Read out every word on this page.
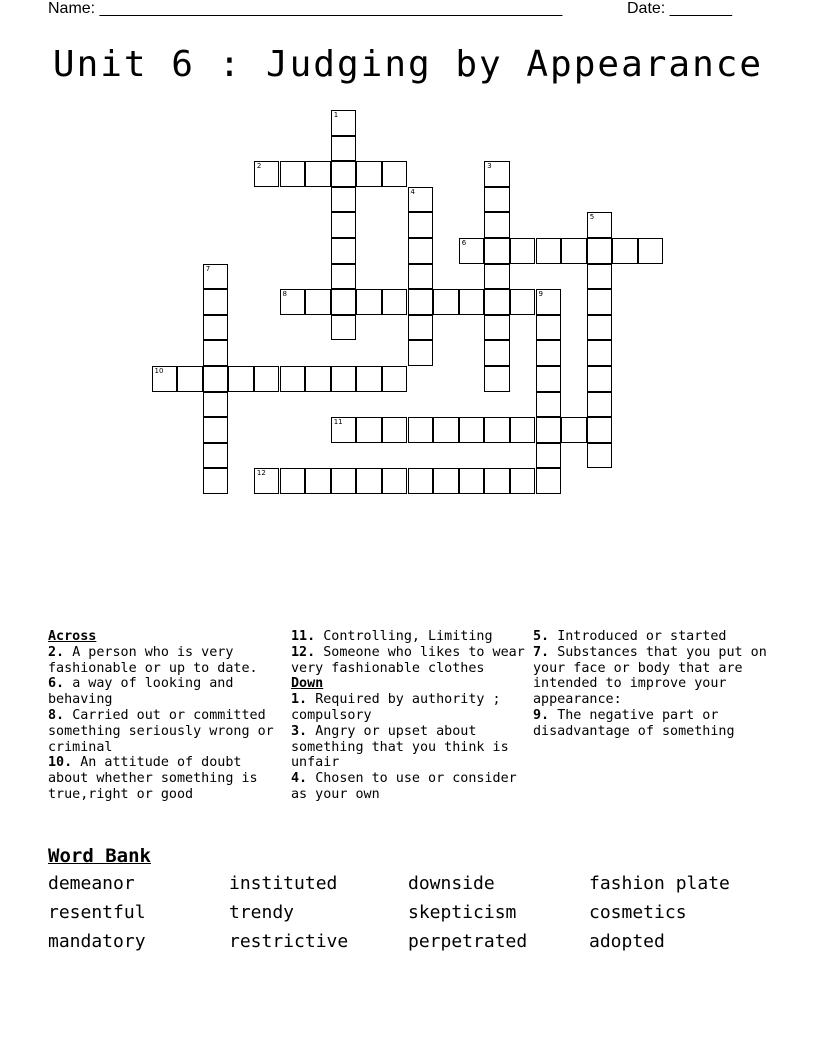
Name: ____________________________________________________	Date: _______
Unit 6 : Judging by Appearance
1
2	3
4
5
6
7
8	9
10
11
12
Across
2. A person who is very fashionable or up to date.
6. a way of looking and behaving
8. Carried out or committed something seriously wrong or criminal
10. An attitude of doubt about whether something is true,right or good
11. Controlling, Limiting
12. Someone who likes to wear very fashionable clothes
Down
1. Required by authority ; compulsory
3. Angry or upset about something that you think is unfair
4. Chosen to use or consider as your own
5. Introduced or started
7. Substances that you put on your face or body that are intended to improve your appearance:
9. The negative part or disadvantage of something
Word Bank
demeanor	instituted	downside	fashion plate
resentful	trendy	skepticism	cosmetics
mandatory	restrictive	perpetrated	adopted
